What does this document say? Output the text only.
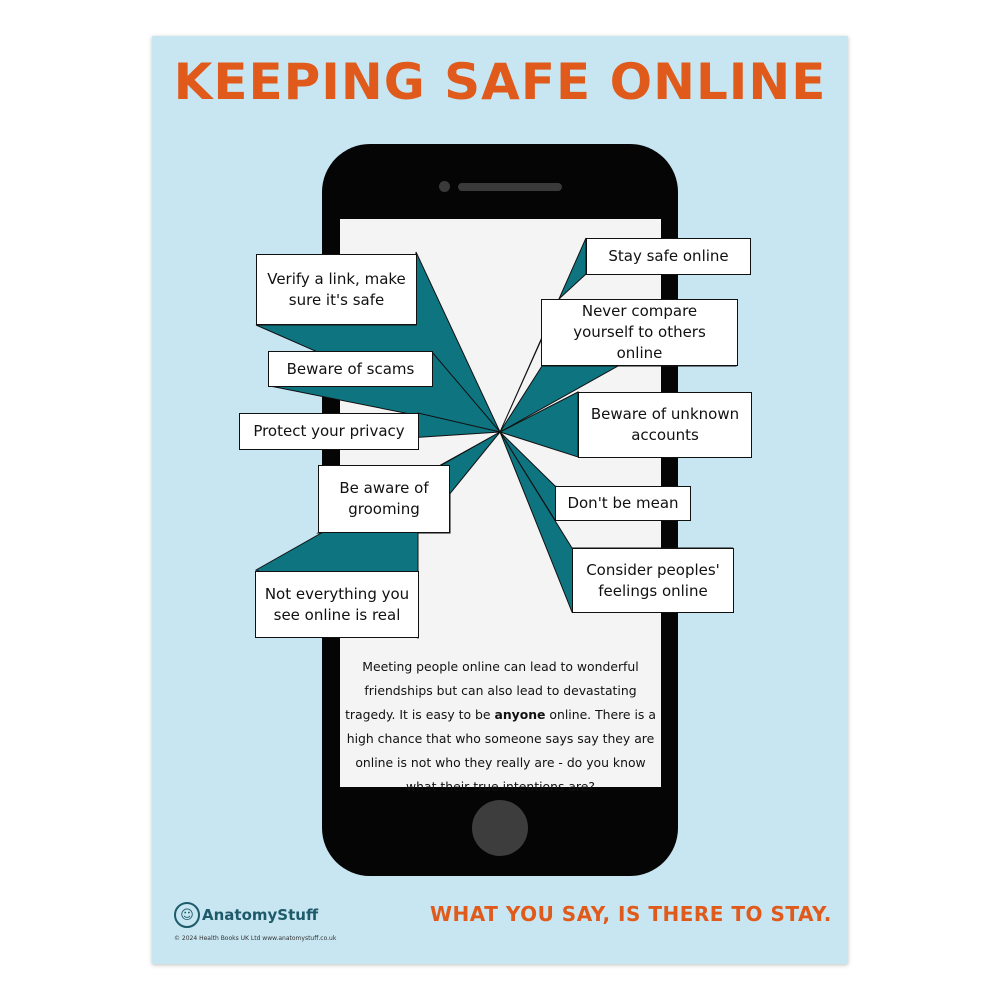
KEEPING SAFE ONLINE
Verify a link, make sure it's safe
Beware of scams
Protect your privacy
Be aware of grooming
Not everything you see online is real
Stay safe online
Never compare yourself to others online
Beware of unknown accounts
Don't be mean
Consider peoples' feelings online
Meeting people online can lead to wonderful friendships but can also lead to devastating tragedy. It is easy to be anyone online. There is a high chance that who someone says say they are online is not who they really are - do you know what their true intentions are?
☺ AnatomyStuff
© 2024 Health Books UK Ltd www.anatomystuff.co.uk
WHAT YOU SAY, IS THERE TO STAY.
